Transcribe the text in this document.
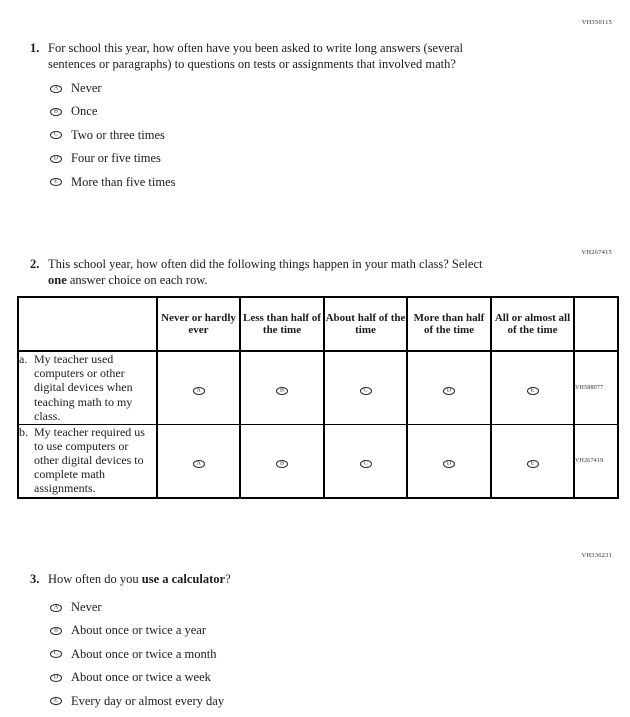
VH350115
VH267415
VH336231
1. For school this year, how often have you been asked to write long answers (several
sentences or paragraphs) to questions on tests or assignments that involved math?
A Never
B Once
C Two or three times
D Four or five times
E More than five times
2. This school year, how often did the following things happen in your math class? Select
one answer choice on each row.
	Never or hardly ever	Less than half of the time	About half of the time	More than half of the time	All or almost all of the time	

a. My teacher used computers or other digital devices when teaching math to my class.	A	B	C	D	E	VH588077

b. My teacher required us to use computers or other digital devices to complete math assignments.	A	B	C	D	E	VH267419
3. How often do you use a calculator?
A Never
B About once or twice a year
C About once or twice a month
D About once or twice a week
E Every day or almost every day
